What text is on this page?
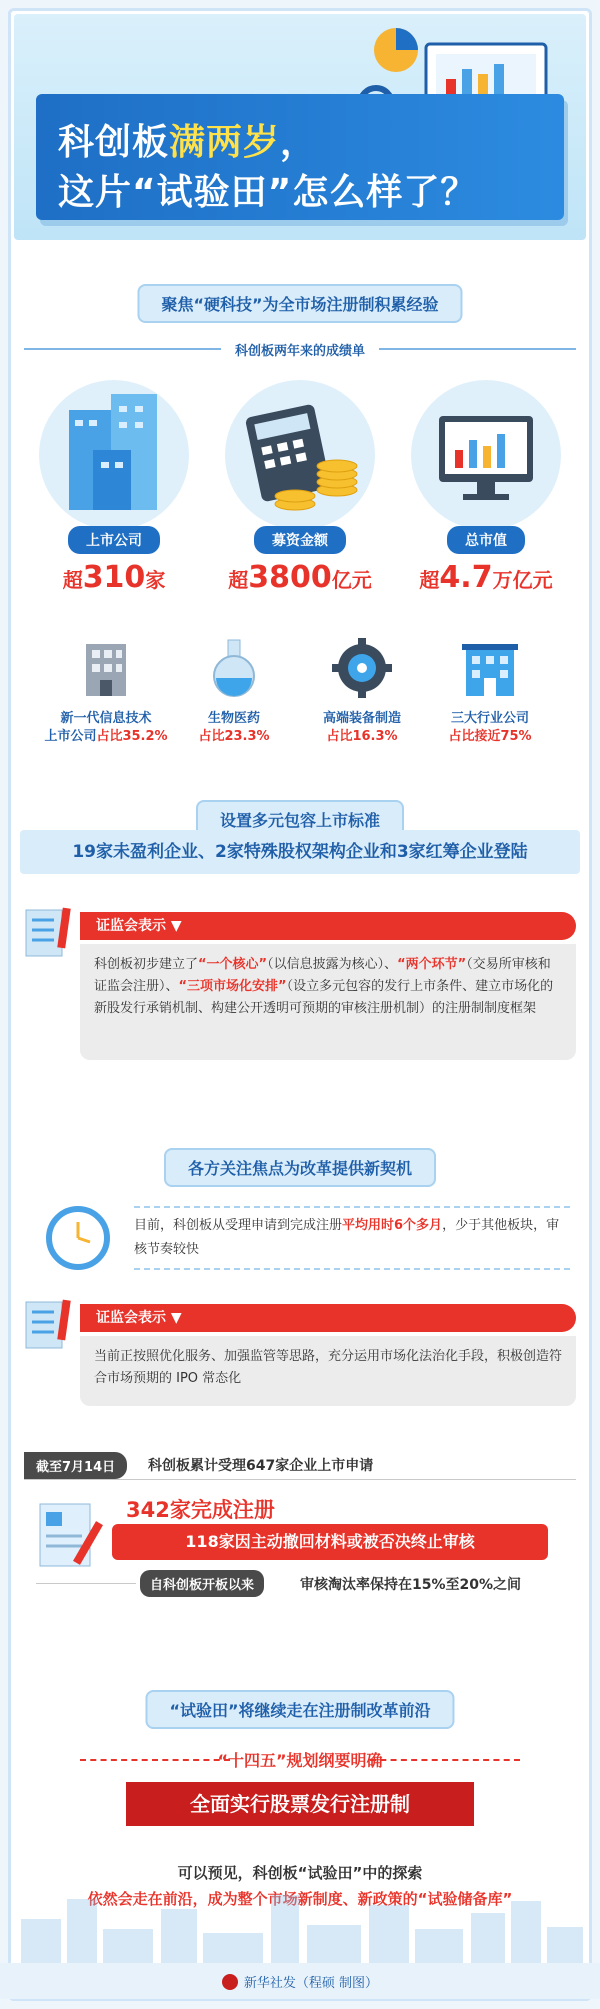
科创板满两岁，
这片“试验田”怎么样了？
聚焦“硬科技”为全市场注册制积累经验
科创板两年来的成绩单
上市公司
超310家
募资金额
超3800亿元
总市值
超4.7万亿元
新一代信息技术
上市公司占比35.2%
生物医药
占比23.3%
高端装备制造
占比16.3%
三大行业公司
占比接近75%
设置多元包容上市标准
19家未盈利企业、2家特殊股权架构企业和3家红筹企业登陆
证监会表示 ▼
科创板初步建立了“一个核心”（以信息披露为核心）、“两个环节”（交易所审核和证监会注册）、“三项市场化安排”（设立多元包容的发行上市条件、建立市场化的新股发行承销机制、构建公开透明可预期的审核注册机制）的注册制制度框架
各方关注焦点为改革提供新契机
目前，科创板从受理申请到完成注册平均用时6个多月，少于其他板块，审核节奏较快
证监会表示 ▼
当前正按照优化服务、加强监管等思路，充分运用市场化法治化手段，积极创造符合市场预期的 IPO 常态化
截至7月14日	科创板累计受理647家企业上市申请
342家完成注册
118家因主动撤回材料或被否决终止审核
自科创板开板以来	审核淘汰率保持在15%至20%之间
“试验田”将继续走在注册制改革前沿
“十四五”规划纲要明确
全面实行股票发行注册制
可以预见，科创板“试验田”中的探索
依然会走在前沿，成为整个市场新制度、新政策的“试验储备库”
新华社发（程硕 制图）
